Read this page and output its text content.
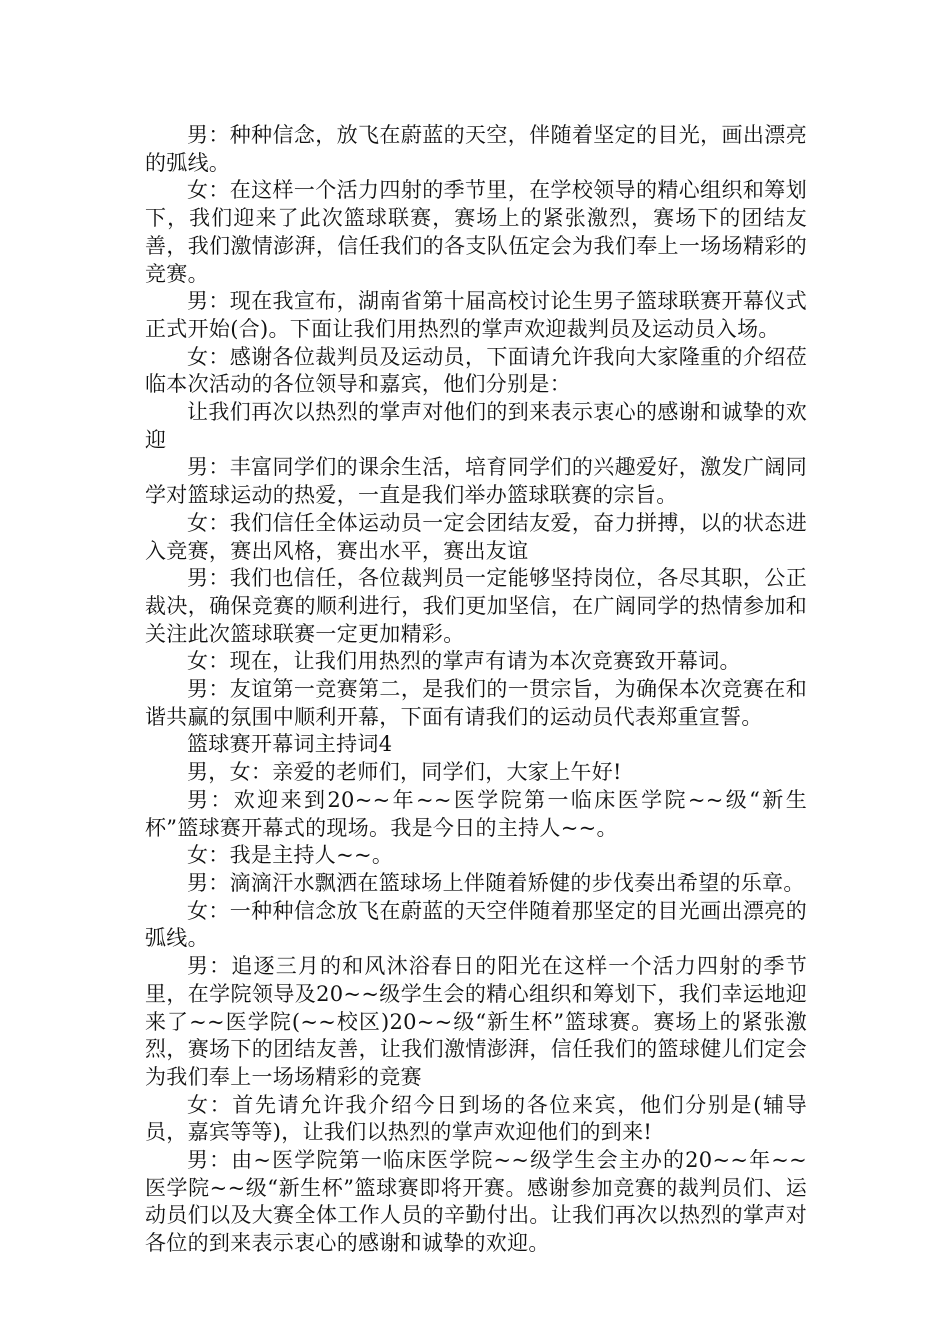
男：种种信念，放飞在蔚蓝的天空，伴随着坚定的目光，画出漂亮的弧线。

女：在这样一个活力四射的季节里，在学校领导的精心组织和筹划下，我们迎来了此次篮球联赛，赛场上的紧张激烈，赛场下的团结友善，我们激情澎湃，信任我们的各支队伍定会为我们奉上一场场精彩的竞赛。

男：现在我宣布，湖南省第十届高校讨论生男子篮球联赛开幕仪式正式开始(合)。下面让我们用热烈的掌声欢迎裁判员及运动员入场。

女：感谢各位裁判员及运动员，下面请允许我向大家隆重的介绍莅临本次活动的各位领导和嘉宾，他们分别是：

让我们再次以热烈的掌声对他们的到来表示衷心的感谢和诚挚的欢迎

男：丰富同学们的课余生活，培育同学们的兴趣爱好，激发广阔同学对篮球运动的热爱，一直是我们举办篮球联赛的宗旨。

女：我们信任全体运动员一定会团结友爱，奋力拼搏，以的状态进入竞赛，赛出风格，赛出水平，赛出友谊

男：我们也信任，各位裁判员一定能够坚持岗位，各尽其职，公正裁决，确保竞赛的顺利进行，我们更加坚信，在广阔同学的热情参加和关注此次篮球联赛一定更加精彩。

女：现在，让我们用热烈的掌声有请为本次竞赛致开幕词。

男：友谊第一竞赛第二，是我们的一贯宗旨，为确保本次竞赛在和谐共赢的氛围中顺利开幕，下面有请我们的运动员代表郑重宣誓。

篮球赛开幕词主持词4

男，女：亲爱的老师们，同学们，大家上午好!

男：欢迎来到20~~年~~医学院第一临床医学院~~级“新生杯”篮球赛开幕式的现场。我是今日的主持人~~。

女：我是主持人~~。

男：滴滴汗水飘洒在篮球场上伴随着矫健的步伐奏出希望的乐章。

女：一种种信念放飞在蔚蓝的天空伴随着那坚定的目光画出漂亮的弧线。

男：追逐三月的和风沐浴春日的阳光在这样一个活力四射的季节里，在学院领导及20~~级学生会的精心组织和筹划下，我们幸运地迎来了~~医学院(~~校区)20~~级“新生杯”篮球赛。赛场上的紧张激烈，赛场下的团结友善，让我们激情澎湃，信任我们的篮球健儿们定会为我们奉上一场场精彩的竞赛

女：首先请允许我介绍今日到场的各位来宾，他们分别是(辅导员，嘉宾等等)，让我们以热烈的掌声欢迎他们的到来!

男：由~医学院第一临床医学院~~级学生会主办的20~~年~~医学院~~级“新生杯”篮球赛即将开赛。感谢参加竞赛的裁判员们、运动员们以及大赛全体工作人员的辛勤付出。让我们再次以热烈的掌声对各位的到来表示衷心的感谢和诚挚的欢迎。
